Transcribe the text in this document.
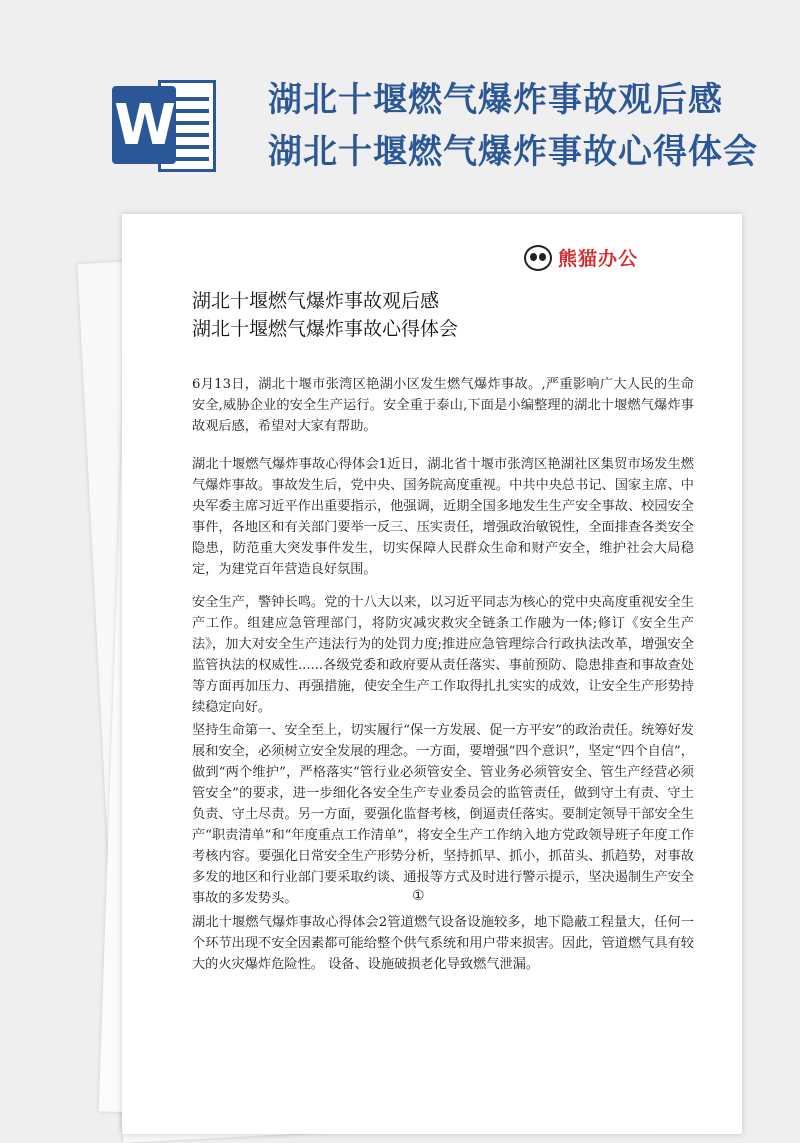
W	湖北十堰燃气爆炸事故观后感
湖北十堰燃气爆炸事故心得体会
熊猫办公
湖北十堰燃气爆炸事故观后感
湖北十堰燃气爆炸事故心得体会
6月13日，湖北十堰市张湾区艳湖小区发生燃气爆炸事故。,严重影响广大人民的生命安全,威胁企业的安全生产运行。安全重于泰山,下面是小编整理的湖北十堰燃气爆炸事故观后感，希望对大家有帮助。
湖北十堰燃气爆炸事故心得体会1近日，湖北省十堰市张湾区艳湖社区集贸市场发生燃气爆炸事故。事故发生后，党中央、国务院高度重视。中共中央总书记、国家主席、中央军委主席习近平作出重要指示，他强调，近期全国多地发生生产安全事故、校园安全事件，各地区和有关部门要举一反三、压实责任，增强政治敏锐性，全面排查各类安全隐患，防范重大突发事件发生，切实保障人民群众生命和财产安全，维护社会大局稳定，为建党百年营造良好氛围。
安全生产，警钟长鸣。党的十八大以来，以习近平同志为核心的党中央高度重视安全生产工作。组建应急管理部门，将防灾减灾救灾全链条工作融为一体;修订《安全生产法》，加大对安全生产违法行为的处罚力度;推进应急管理综合行政执法改革，增强安全监管执法的权威性......各级党委和政府要从责任落实、事前预防、隐患排查和事故查处等方面再加压力、再强措施，使安全生产工作取得扎扎实实的成效，让安全生产形势持续稳定向好。
坚持生命第一、安全至上，切实履行“保一方发展、促一方平安”的政治责任。统筹好发展和安全，必须树立安全发展的理念。一方面，要增强“四个意识”，坚定“四个自信”，做到“两个维护”，严格落实“管行业必须管安全、管业务必须管安全、管生产经营必须管安全”的要求，进一步细化各安全生产专业委员会的监管责任，做到守土有责、守土负责、守土尽责。另一方面，要强化监督考核，倒逼责任落实。要制定领导干部安全生产“职责清单”和“年度重点工作清单”，将安全生产工作纳入地方党政领导班子年度工作考核内容。要强化日常安全生产形势分析，坚持抓早、抓小，抓苗头、抓趋势，对事故多发的地区和行业部门要采取约谈、通报等方式及时进行警示提示，坚决遏制生产安全事故的多发势头。	①
湖北十堰燃气爆炸事故心得体会2管道燃气设备设施较多，地下隐蔽工程量大，任何一个环节出现不安全因素都可能给整个供气系统和用户带来损害。因此，管道燃气具有较大的火灾爆炸危险性。 设备、设施破损老化导致燃气泄漏。
